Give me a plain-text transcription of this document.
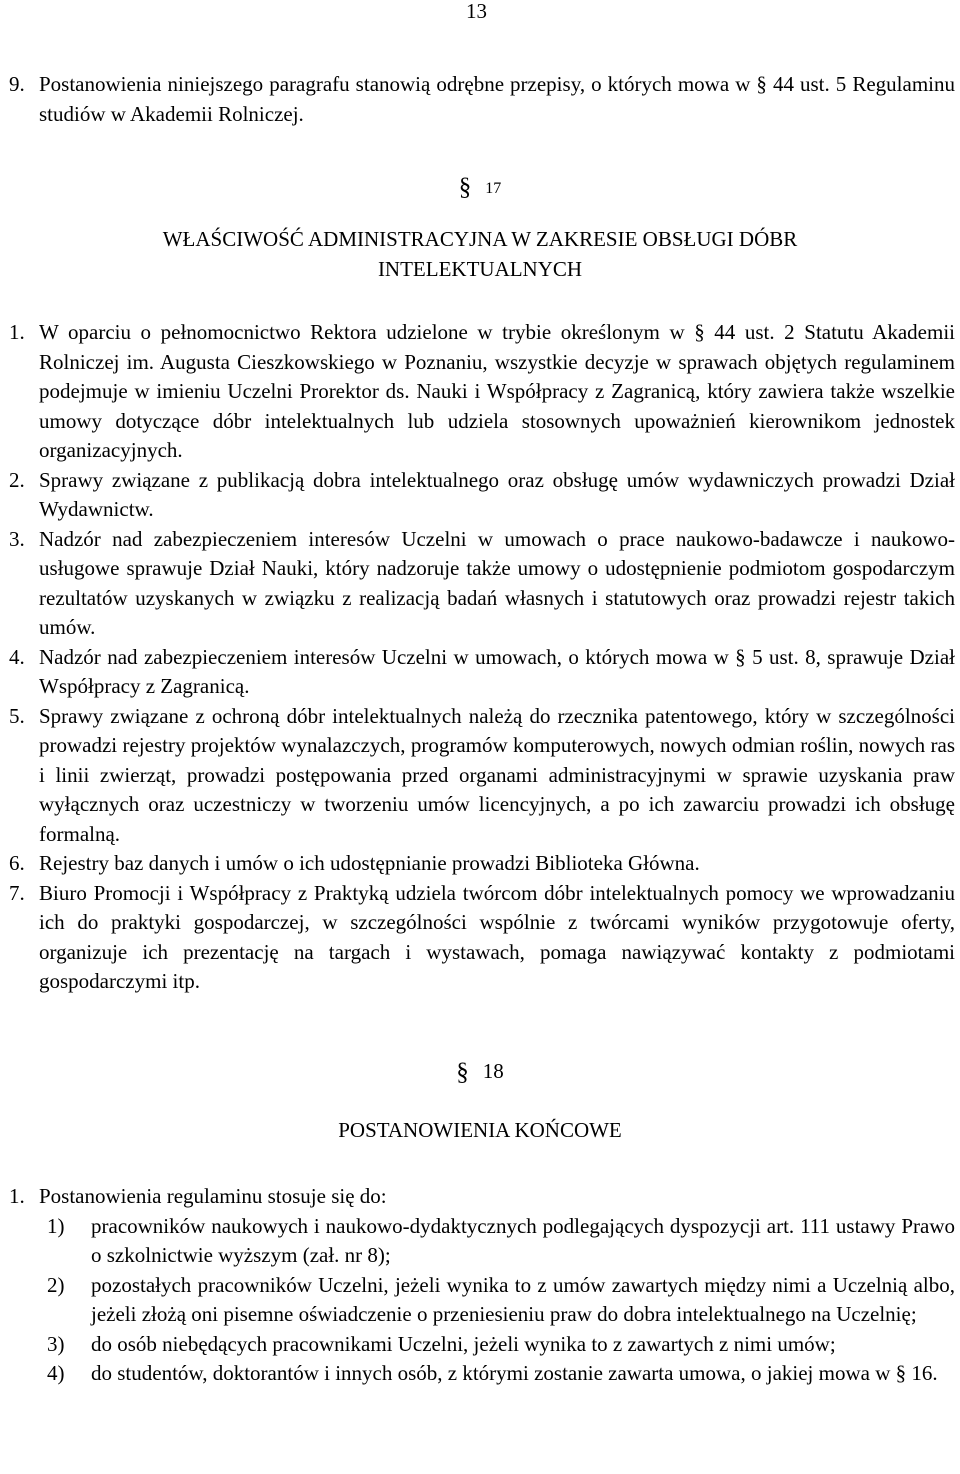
13
9. Postanowienia niniejszego paragrafu stanowią odrębne przepisy, o których mowa w § 44 ust. 5 Regulaminu studiów w Akademii Rolniczej.
§ 17
WŁAŚCIWOŚĆ ADMINISTRACYJNA W ZAKRESIE OBSŁUGI DÓBR
INTELEKTUALNYCH
1. W oparciu o pełnomocnictwo Rektora udzielone w trybie określonym w § 44 ust. 2 Statutu Akademii Rolniczej im. Augusta Cieszkowskiego w Poznaniu, wszystkie decyzje w sprawach objętych regulaminem podejmuje w imieniu Uczelni Prorektor ds. Nauki i Współpracy z Zagranicą, który zawiera także wszelkie umowy dotyczące dóbr intelektualnych lub udziela stosownych upoważnień kierownikom jednostek organizacyjnych.
2. Sprawy związane z publikacją dobra intelektualnego oraz obsługę umów wydawniczych prowadzi Dział Wydawnictw.
3. Nadzór nad zabezpieczeniem interesów Uczelni w umowach o prace naukowo-badawcze i naukowo-usługowe sprawuje Dział Nauki, który nadzoruje także umowy o udostępnienie podmiotom gospodarczym rezultatów uzyskanych w związku z realizacją badań własnych i statutowych oraz prowadzi rejestr takich umów.
4. Nadzór nad zabezpieczeniem interesów Uczelni w umowach, o których mowa w § 5 ust. 8, sprawuje Dział Współpracy z Zagranicą.
5. Sprawy związane z ochroną dóbr intelektualnych należą do rzecznika patentowego, który w szczególności prowadzi rejestry projektów wynalazczych, programów komputerowych, nowych odmian roślin, nowych ras i linii zwierząt, prowadzi postępowania przed organami administracyjnymi w sprawie uzyskania praw wyłącznych oraz uczestniczy w tworzeniu umów licencyjnych, a po ich zawarciu prowadzi ich obsługę formalną.
6. Rejestry baz danych i umów o ich udostępnianie prowadzi Biblioteka Główna.
7. Biuro Promocji i Współpracy z Praktyką udziela twórcom dóbr intelektualnych pomocy we wprowadzaniu ich do praktyki gospodarczej, w szczególności wspólnie z twórcami wyników przygotowuje oferty, organizuje ich prezentację na targach i wystawach, pomaga nawiązywać kontakty z podmiotami gospodarczymi itp.
§ 18
POSTANOWIENIA KOŃCOWE
1. Postanowienia regulaminu stosuje się do:
1) pracowników naukowych i naukowo-dydaktycznych podlegających dyspozycji art. 111 ustawy Prawo o szkolnictwie wyższym (zał. nr 8);
2) pozostałych pracowników Uczelni, jeżeli wynika to z umów zawartych między nimi a Uczelnią albo, jeżeli złożą oni pisemne oświadczenie o przeniesieniu praw do dobra intelektualnego na Uczelnię;
3) do osób niebędących pracownikami Uczelni, jeżeli wynika to z zawartych z nimi umów;
4) do studentów, doktorantów i innych osób, z którymi zostanie zawarta umowa, o jakiej mowa w § 16.
